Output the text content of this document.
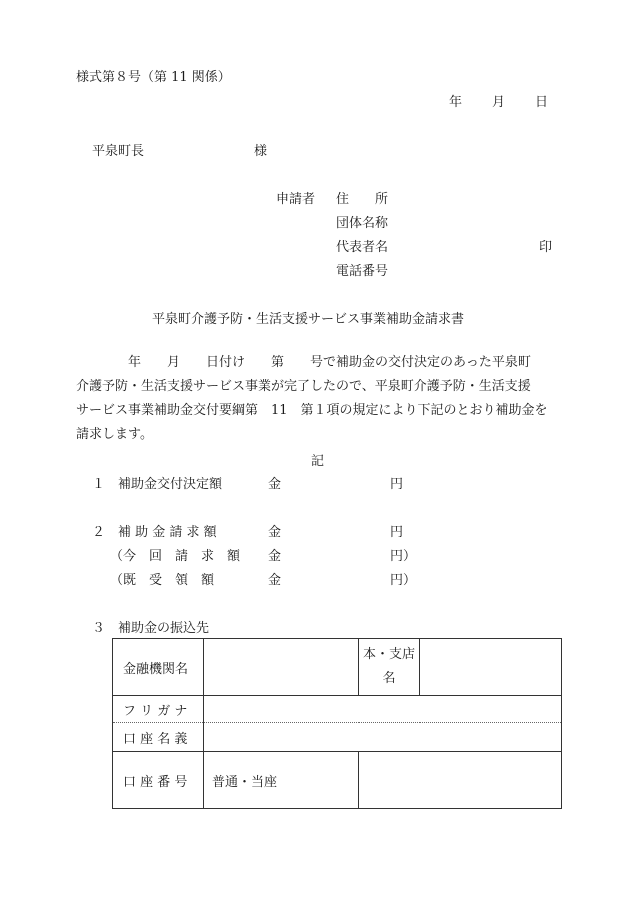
様式第８号（第 11 関係）
年 月 日
平泉町長	様
申請者 住　　所
団体名称
代表者名	印
電話番号
平泉町介護予防・生活支援サービス事業補助金請求書
　　　　年　　月　　日付け　　第　　号で補助金の交付決定のあった平泉町
介護予防・生活支援サービス事業が完了したので、平泉町介護予防・生活支援
サービス事業補助金交付要綱第　11　第１項の規定により下記のとおり補助金を
請求します。
記
１ 補助金交付決定額	金	円
２ 補 助 金 請 求 額	金	円
（今　回　請　求　額 金	円）
（既　受　領　額	金	円）
３ 補助金の振込先
金融機関名		本・支店
名	

フ リ ガ ナ			
口 座 名 義			
口 座 番 号	普通・当座		
